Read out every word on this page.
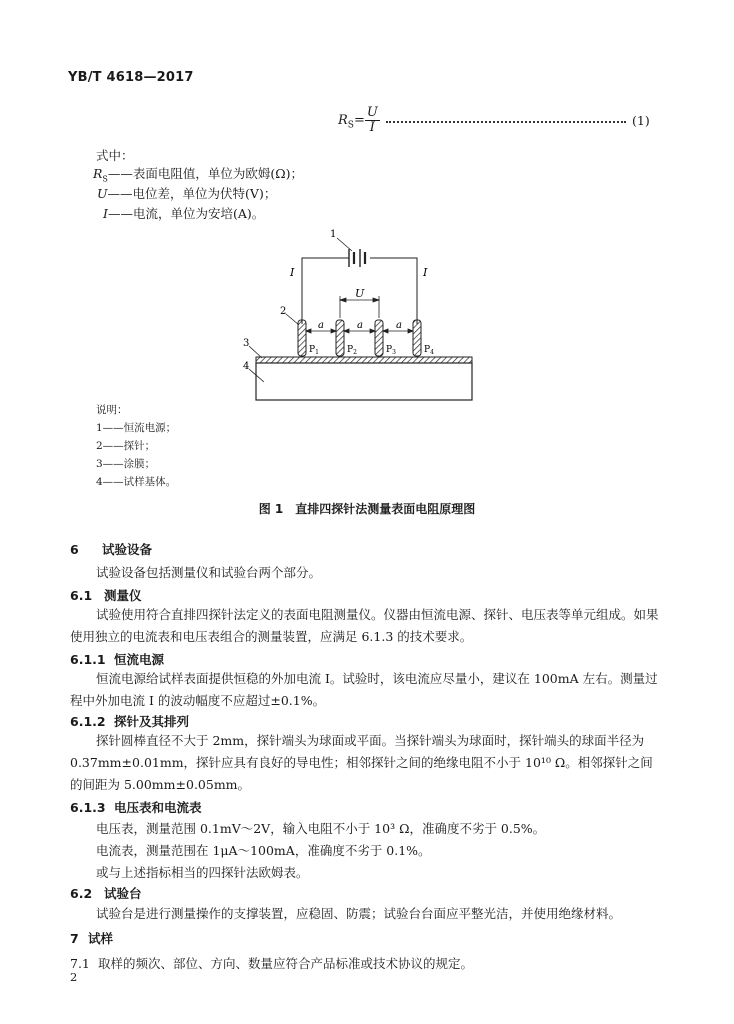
YB/T 4618—2017
$R_S= \frac{U}{I}$	(1)
式中：
$R_S——$表面电阻值，单位为欧姆(Ω)；
U——电位差，单位为伏特(V)；
I——电流，单位为安培(A)。
1
I	I
U
a	a	a
$P_1$	$P_2$	$P_3$	$P_4$
2
3
4
说明：
1——恒流电源；
2——探针；
3——涂膜；
4——试样基体。
图 1　直排四探针法测量表面电阻原理图
6 试验设备
试验设备包括测量仪和试验台两个部分。
6.1 测量仪
试验使用符合直排四探针法定义的表面电阻测量仪。仪器由恒流电源、探针、电压表等单元组成。如果使用独立的电流表和电压表组合的测量装置，应满足 6.1.3 的技术要求。
6.1.1 恒流电源
恒流电源给试样表面提供恒稳的外加电流 I。试验时，该电流应尽量小，建议在 100mA 左右。测量过程中外加电流 I 的波动幅度不应超过±0.1%。
6.1.2 探针及其排列
探针圆棒直径不大于 2mm，探针端头为球面或平面。当探针端头为球面时，探针端头的球面半径为 0.37mm±0.01mm，探针应具有良好的导电性；相邻探针之间的绝缘电阻不小于 10¹⁰ Ω。相邻探针之间的间距为 5.00mm±0.05mm。
6.1.3 电压表和电流表
电压表，测量范围 0.1mV～2V，输入电阻不小于 10³ Ω，准确度不劣于 0.5%。
电流表，测量范围在 1μA～100mA，准确度不劣于 0.1%。
或与上述指标相当的四探针法欧姆表。
6.2 试验台
试验台是进行测量操作的支撑装置，应稳固、防震；试验台台面应平整光洁，并使用绝缘材料。
7 试样
7.1 取样的频次、部位、方向、数量应符合产品标准或技术协议的规定。
2
